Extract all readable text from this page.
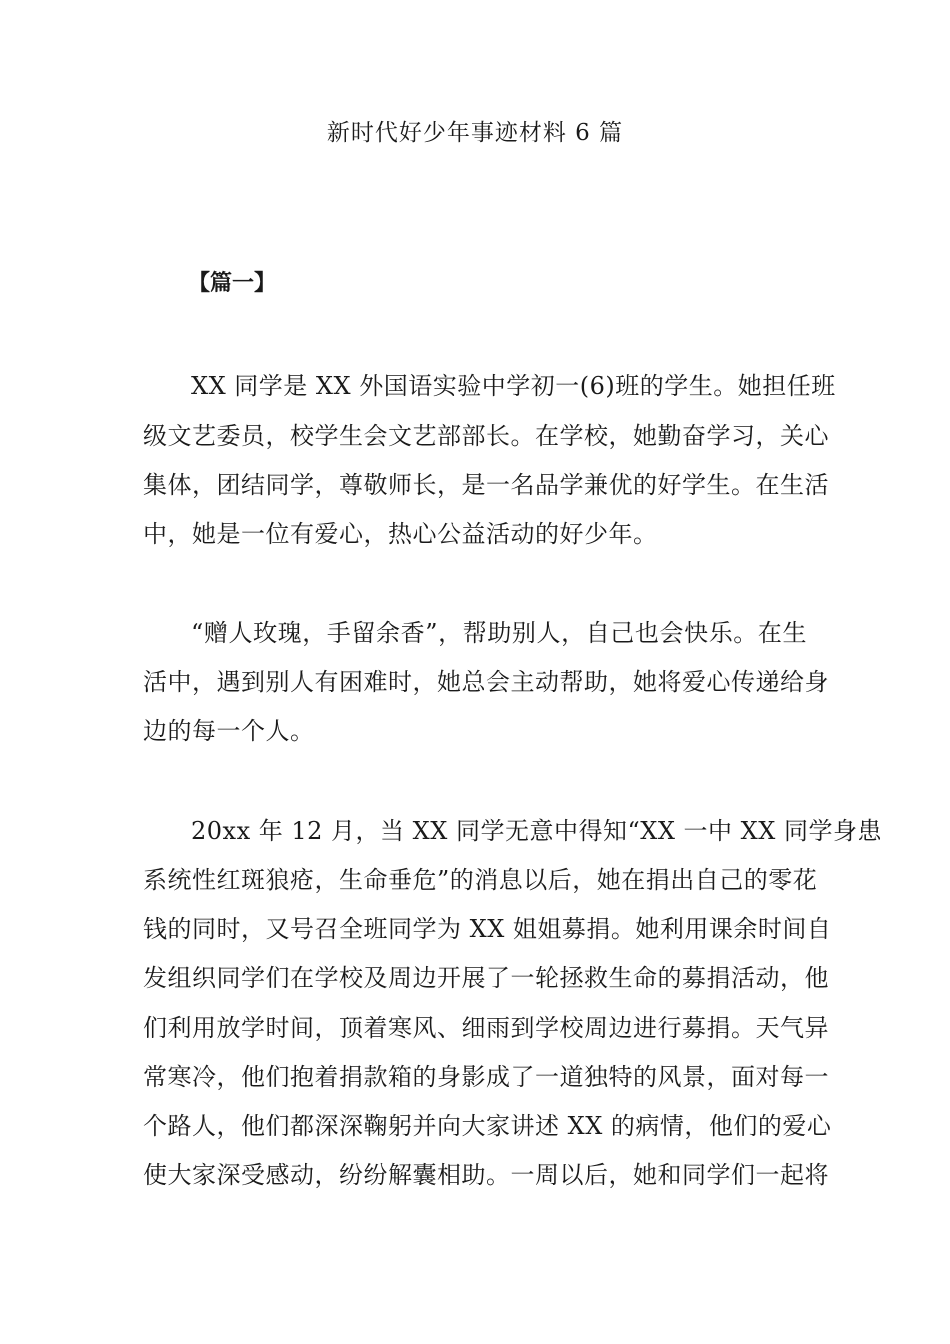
新时代好少年事迹材料 6 篇
【篇一】
XX 同学是 XX 外国语实验中学初一(6)班的学生。她担任班
级文艺委员，校学生会文艺部部长。在学校，她勤奋学习，关心
集体，团结同学，尊敬师长，是一名品学兼优的好学生。在生活
中，她是一位有爱心，热心公益活动的好少年。
“赠人玫瑰，手留余香”，帮助别人，自己也会快乐。在生
活中，遇到别人有困难时，她总会主动帮助，她将爱心传递给身
边的每一个人。
20xx 年 12 月，当 XX 同学无意中得知“XX 一中 XX 同学身患
系统性红斑狼疮，生命垂危”的消息以后，她在捐出自己的零花
钱的同时，又号召全班同学为 XX 姐姐募捐。她利用课余时间自
发组织同学们在学校及周边开展了一轮拯救生命的募捐活动，他
们利用放学时间，顶着寒风、细雨到学校周边进行募捐。天气异
常寒冷，他们抱着捐款箱的身影成了一道独特的风景，面对每一
个路人，他们都深深鞠躬并向大家讲述 XX 的病情，他们的爱心
使大家深受感动，纷纷解囊相助。一周以后，她和同学们一起将
